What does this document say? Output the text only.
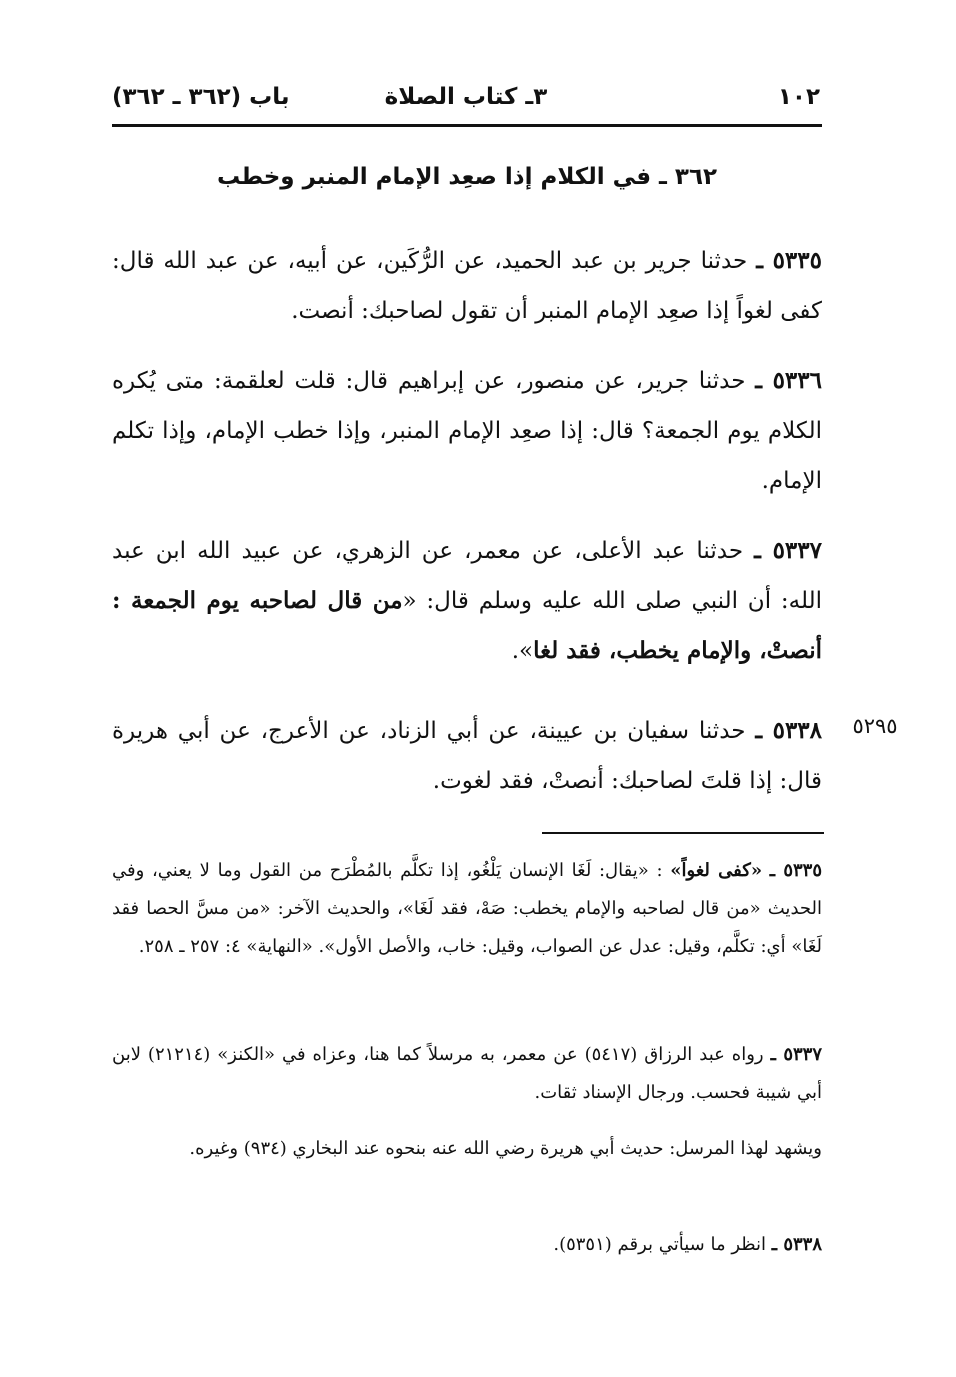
١٠٢
٣ـ كتاب الصلاة
باب (٣٦٢ ـ ٣٦٢)
٣٦٢ ـ في الكلام إذا صعِد الإمام المنبر وخطب
٥٣٣٥ ـ حدثنا جرير بن عبد الحميد، عن الرُّكَين، عن أبيه، عن عبد الله قال: كفى لغواً إذا صعِد الإمام المنبر أن تقول لصاحبك: أنصت.
٥٣٣٦ ـ حدثنا جرير، عن منصور، عن إبراهيم قال: قلت لعلقمة: متى يُكره الكلام يوم الجمعة؟ قال: إذا صعِد الإمام المنبر، وإذا خطب الإمام، وإذا تكلم الإمام.
٥٣٣٧ ـ حدثنا عبد الأعلى، عن معمر، عن الزهري، عن عبيد الله ابن عبد الله: أن النبي صلى الله عليه وسلم قال: «من قال لصاحبه يوم الجمعة : أنصتْ، والإمام يخطب، فقد لغا».
٥٢٩٥
٥٣٣٨ ـ حدثنا سفيان بن عيينة، عن أبي الزناد، عن الأعرج، عن أبي هريرة قال: إذا قلتَ لصاحبك: أنصتْ، فقد لغوت.
٥٣٣٥ ـ «كفى لغواً» : «يقال: لَغَا الإنسان يَلْغُو، إذا تكلَّم بالمُطْرَح من القول وما لا يعني، وفي الحديث «من قال لصاحبه والإمام يخطب: صَهْ، فقد لَغَا»، والحديث الآخر: «من مسَّ الحصا فقد لَغَا» أي: تكلَّم، وقيل: عدل عن الصواب، وقيل: خاب، والأصل الأول». «النهاية» ٤: ٢٥٧ ـ ٢٥٨.
٥٣٣٧ ـ رواه عبد الرزاق (٥٤١٧) عن معمر، به مرسلاً كما هنا، وعزاه في «الكنز» (٢١٢١٤) لابن أبي شيبة فحسب. ورجال الإسناد ثقات.
ويشهد لهذا المرسل: حديث أبي هريرة رضي الله عنه بنحوه عند البخاري (٩٣٤) وغيره.
٥٣٣٨ ـ انظر ما سيأتي برقم (٥٣٥١).
